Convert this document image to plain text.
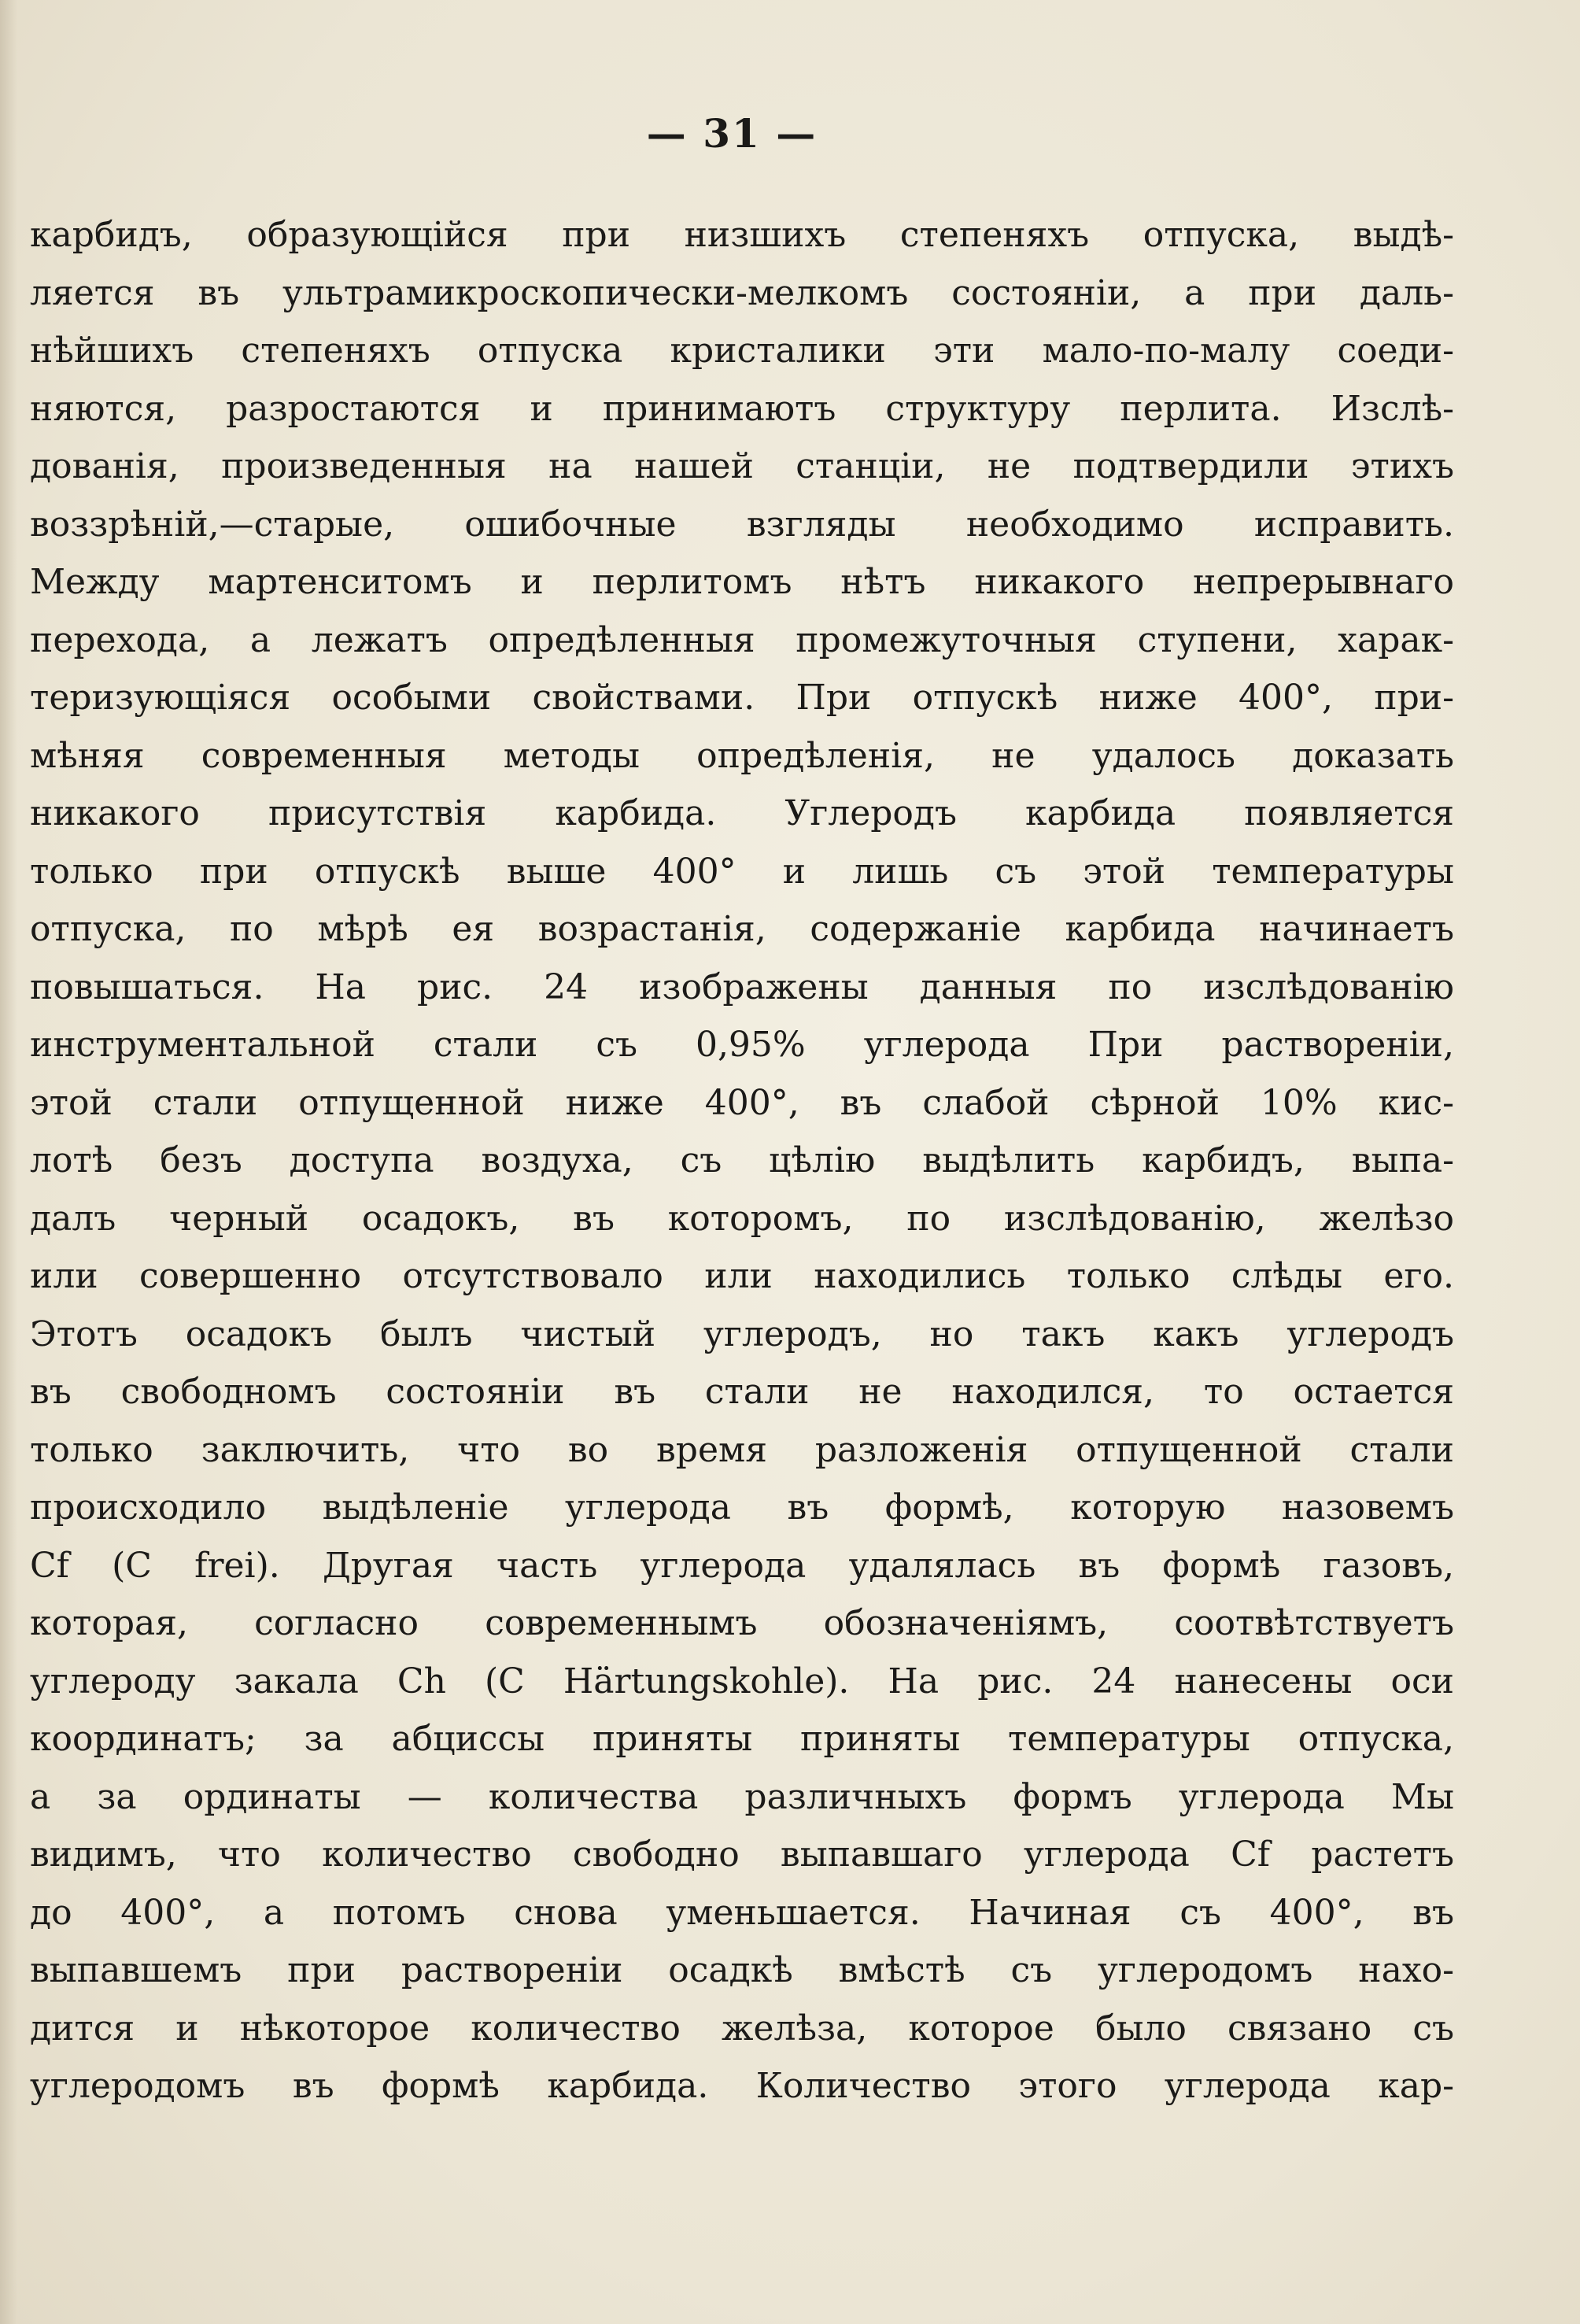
— 31 —
карбидъ, образующiйся при низшихъ степеняхъ отпуска, выдѣ-
ляется въ ультрамикроскопически-мелкомъ состоянiи, а при даль-
нѣйшихъ степеняхъ отпуска кристалики эти мало-по-малу соеди-
няются, разростаются и принимаютъ структуру перлита. Изслѣ-
дованiя, произведенныя на нашей станцiи, не подтвердили этихъ
воззрѣнiй,—старые, ошибочные взгляды необходимо исправить.
Между мартенситомъ и перлитомъ нѣтъ никакого непрерывнаго
перехода, а лежатъ опредѣленныя промежуточныя ступени, харак-
теризующiяся особыми свойствами. При отпускѣ ниже 400°, при-
мѣняя современныя методы опредѣленiя, не удалось доказать
никакого присутствiя карбида. Углеродъ карбида появляется
только при отпускѣ выше 400° и лишь съ этой температуры
отпуска, по мѣрѣ ея возрастанiя, содержанiе карбида начинаетъ
повышаться. На рис. 24 изображены данныя по изслѣдованiю
инструментальной стали съ 0,95% углерода При растворенiи,
этой стали отпущенной ниже 400°, въ слабой сѣрной 10% кис-
лотѣ безъ доступа воздуха, съ цѣлiю выдѣлить карбидъ, выпа-
далъ черный осадокъ, въ которомъ, по изслѣдованiю, желѣзо
или совершенно отсутствовало или находились только слѣды его.
Этотъ осадокъ былъ чистый углеродъ, но такъ какъ углеродъ
въ свободномъ состоянiи въ стали не находился, то остается
только заключить, что во время разложенiя отпущенной стали
происходило выдѣленiе углерода въ формѣ, которую назовемъ
Cf (C frei). Другая часть углерода удалялась въ формѣ газовъ,
которая, согласно современнымъ обозначенiямъ, соотвѣтствуетъ
углероду закала Ch (C Härtungskohle). На рис. 24 нанесены оси
координатъ; за абциссы приняты приняты температуры отпуска,
а за ординаты — количества различныхъ формъ углерода Мы
видимъ, что количество свободно выпавшаго углерода Cf растетъ
до 400°, а потомъ снова уменьшается. Начиная съ 400°, въ
выпавшемъ при растворенiи осадкѣ вмѣстѣ съ углеродомъ нахо-
дится и нѣкоторое количество желѣза, которое было связано съ
углеродомъ въ формѣ карбида. Количество этого углерода кар-
